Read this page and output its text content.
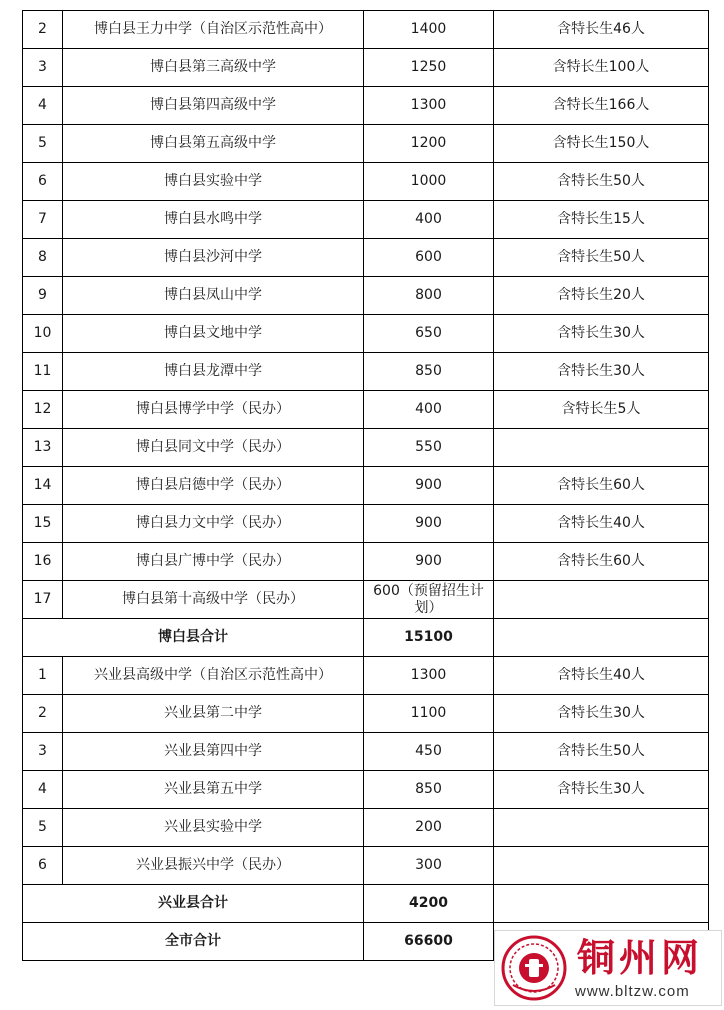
2	博白县王力中学（自治区示范性高中）	1400	含特长生46人
3	博白县第三高级中学	1250	含特长生100人
4	博白县第四高级中学	1300	含特长生166人
5	博白县第五高级中学	1200	含特长生150人
6	博白县实验中学	1000	含特长生50人
7	博白县水鸣中学	400	含特长生15人
8	博白县沙河中学	600	含特长生50人
9	博白县凤山中学	800	含特长生20人
10	博白县文地中学	650	含特长生30人
11	博白县龙潭中学	850	含特长生30人
12	博白县博学中学（民办）	400	含特长生5人
13	博白县同文中学（民办）	550	
14	博白县启德中学（民办）	900	含特长生60人
15	博白县力文中学（民办）	900	含特长生40人
16	博白县广博中学（民办）	900	含特长生60人
17	博白县第十高级中学（民办）	600（预留招生计划）	
博白县合计		15100	
1	兴业县高级中学（自治区示范性高中）	1300	含特长生40人
2	兴业县第二中学	1100	含特长生30人
3	兴业县第四中学	450	含特长生50人
4	兴业县第五中学	850	含特长生30人
5	兴业县实验中学	200	
6	兴业县振兴中学（民办）	300	
兴业县合计		4200	
全市合计		66600		铜州网
www.bltzw.com
